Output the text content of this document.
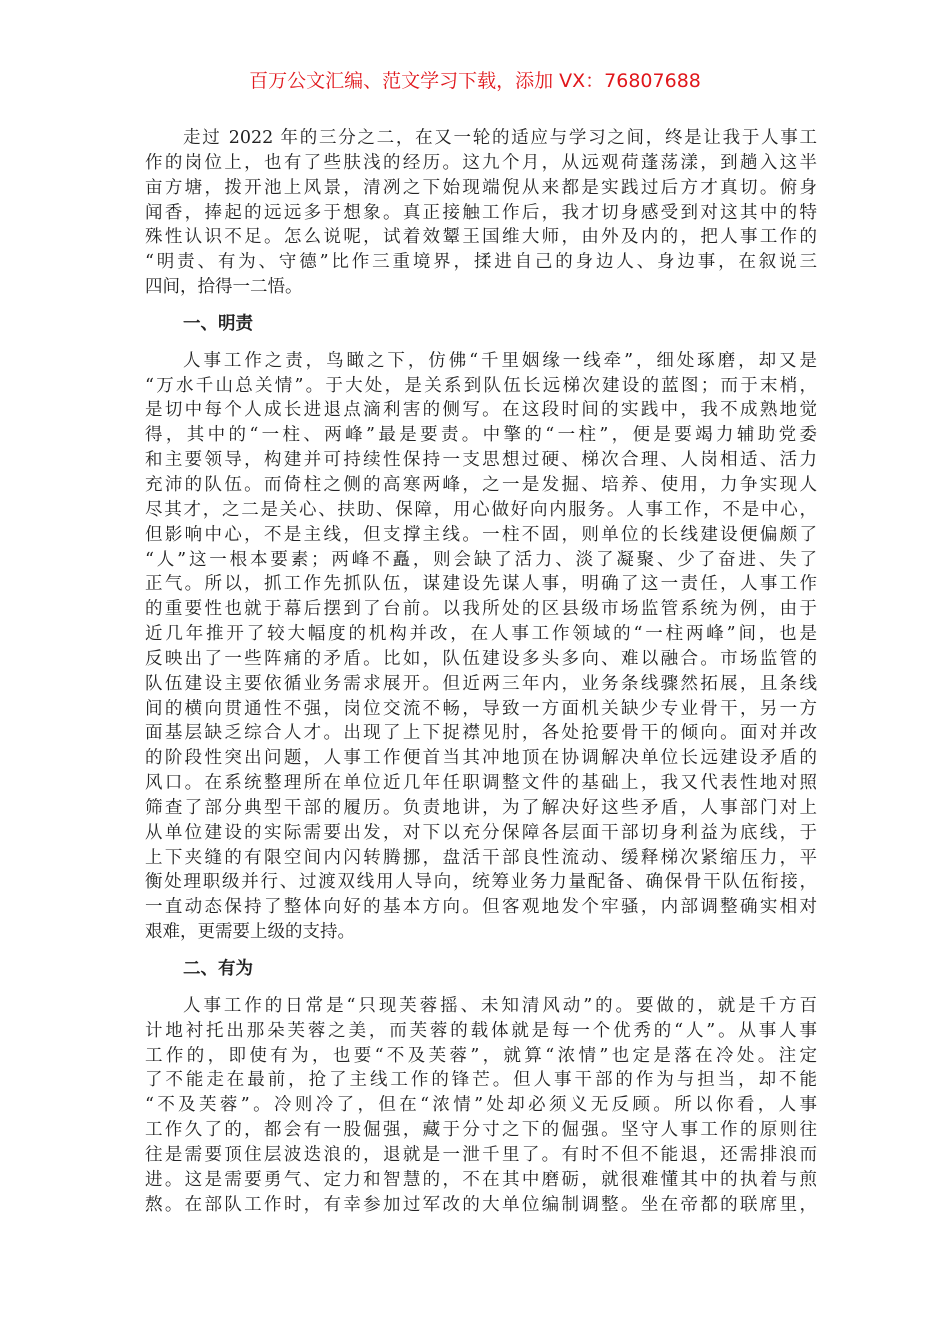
百万公文汇编、范文学习下载，添加 VX：76807688
走过 2022 年的三分之二，在又一轮的适应与学习之间，终是让我于人事工
作的岗位上，也有了些肤浅的经历。这九个月，从远观荷蓬荡漾，到趟入这半
亩方塘，拨开池上风景，清冽之下始现端倪从来都是实践过后方才真切。俯身
闻香，捧起的远远多于想象。真正接触工作后，我才切身感受到对这其中的特
殊性认识不足。怎么说呢，试着效颦王国维大师，由外及内的，把人事工作的
“明责、有为、守德”比作三重境界，揉进自己的身边人、身边事，在叙说三
四间，拾得一二悟。
一、明责
人事工作之责，鸟瞰之下，仿佛“千里姻缘一线牵”，细处琢磨，却又是
“万水千山总关情”。于大处，是关系到队伍长远梯次建设的蓝图；而于末梢，
是切中每个人成长进退点滴利害的侧写。在这段时间的实践中，我不成熟地觉
得，其中的“一柱、两峰”最是要责。中擎的“一柱”，便是要竭力辅助党委
和主要领导，构建并可持续性保持一支思想过硬、梯次合理、人岗相适、活力
充沛的队伍。而倚柱之侧的高寒两峰，之一是发掘、培养、使用，力争实现人
尽其才，之二是关心、扶助、保障，用心做好向内服务。人事工作，不是中心，
但影响中心，不是主线，但支撑主线。一柱不固，则单位的长线建设便偏颇了
“人”这一根本要素；两峰不矗，则会缺了活力、淡了凝聚、少了奋进、失了
正气。所以，抓工作先抓队伍，谋建设先谋人事，明确了这一责任，人事工作
的重要性也就于幕后摆到了台前。以我所处的区县级市场监管系统为例，由于
近几年推开了较大幅度的机构并改，在人事工作领域的“一柱两峰”间，也是
反映出了一些阵痛的矛盾。比如，队伍建设多头多向、难以融合。市场监管的
队伍建设主要依循业务需求展开。但近两三年内，业务条线骤然拓展，且条线
间的横向贯通性不强，岗位交流不畅，导致一方面机关缺少专业骨干，另一方
面基层缺乏综合人才。出现了上下捉襟见肘，各处抢要骨干的倾向。面对并改
的阶段性突出问题，人事工作便首当其冲地顶在协调解决单位长远建设矛盾的
风口。在系统整理所在单位近几年任职调整文件的基础上，我又代表性地对照
筛查了部分典型干部的履历。负责地讲，为了解决好这些矛盾，人事部门对上
从单位建设的实际需要出发，对下以充分保障各层面干部切身利益为底线，于
上下夹缝的有限空间内闪转腾挪，盘活干部良性流动、缓释梯次紧缩压力，平
衡处理职级并行、过渡双线用人导向，统筹业务力量配备、确保骨干队伍衔接，
一直动态保持了整体向好的基本方向。但客观地发个牢骚，内部调整确实相对
艰难，更需要上级的支持。
二、有为
人事工作的日常是“只现芙蓉摇、未知清风动”的。要做的，就是千方百
计地衬托出那朵芙蓉之美，而芙蓉的载体就是每一个优秀的“人”。从事人事
工作的，即使有为，也要“不及芙蓉”，就算“浓情”也定是落在冷处。注定
了不能走在最前，抢了主线工作的锋芒。但人事干部的作为与担当，却不能
“不及芙蓉”。冷则冷了，但在“浓情”处却必须义无反顾。所以你看，人事
工作久了的，都会有一股倔强，藏于分寸之下的倔强。坚守人事工作的原则往
往是需要顶住层波迭浪的，退就是一泄千里了。有时不但不能退，还需排浪而
进。这是需要勇气、定力和智慧的，不在其中磨砺，就很难懂其中的执着与煎
熬。在部队工作时，有幸参加过军改的大单位编制调整。坐在帝都的联席里，
